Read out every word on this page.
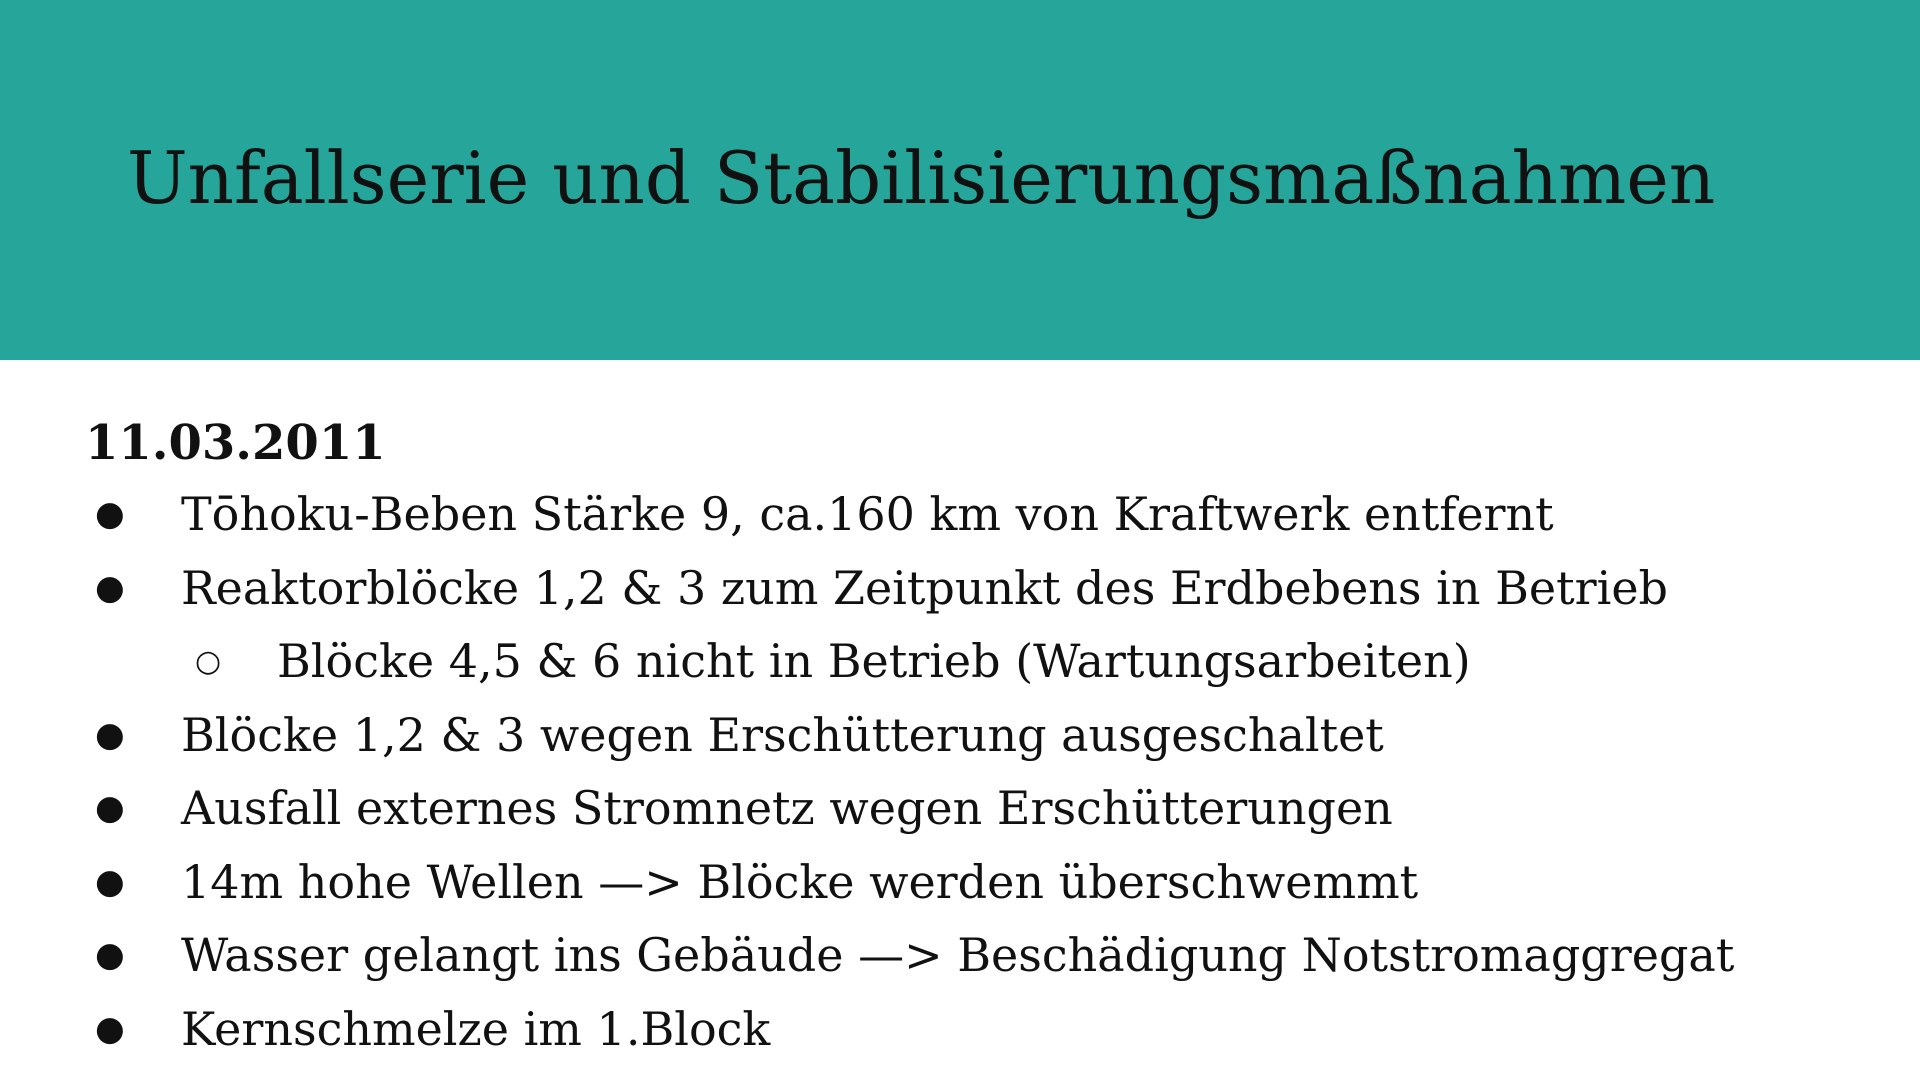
Unfallserie und Stabilisierungsmaßnahmen
11.03.2011
● Tōhoku-Beben Stärke 9, ca.160 km von Kraftwerk entfernt
● Reaktorblöcke 1,2 & 3 zum Zeitpunkt des Erdbebens in Betrieb
○ Blöcke 4,5 & 6 nicht in Betrieb (Wartungsarbeiten)
● Blöcke 1,2 & 3 wegen Erschütterung ausgeschaltet
● Ausfall externes Stromnetz wegen Erschütterungen
● 14m hohe Wellen —> Blöcke werden überschwemmt
● Wasser gelangt ins Gebäude —> Beschädigung Notstromaggregat
● Kernschmelze im 1.Block
